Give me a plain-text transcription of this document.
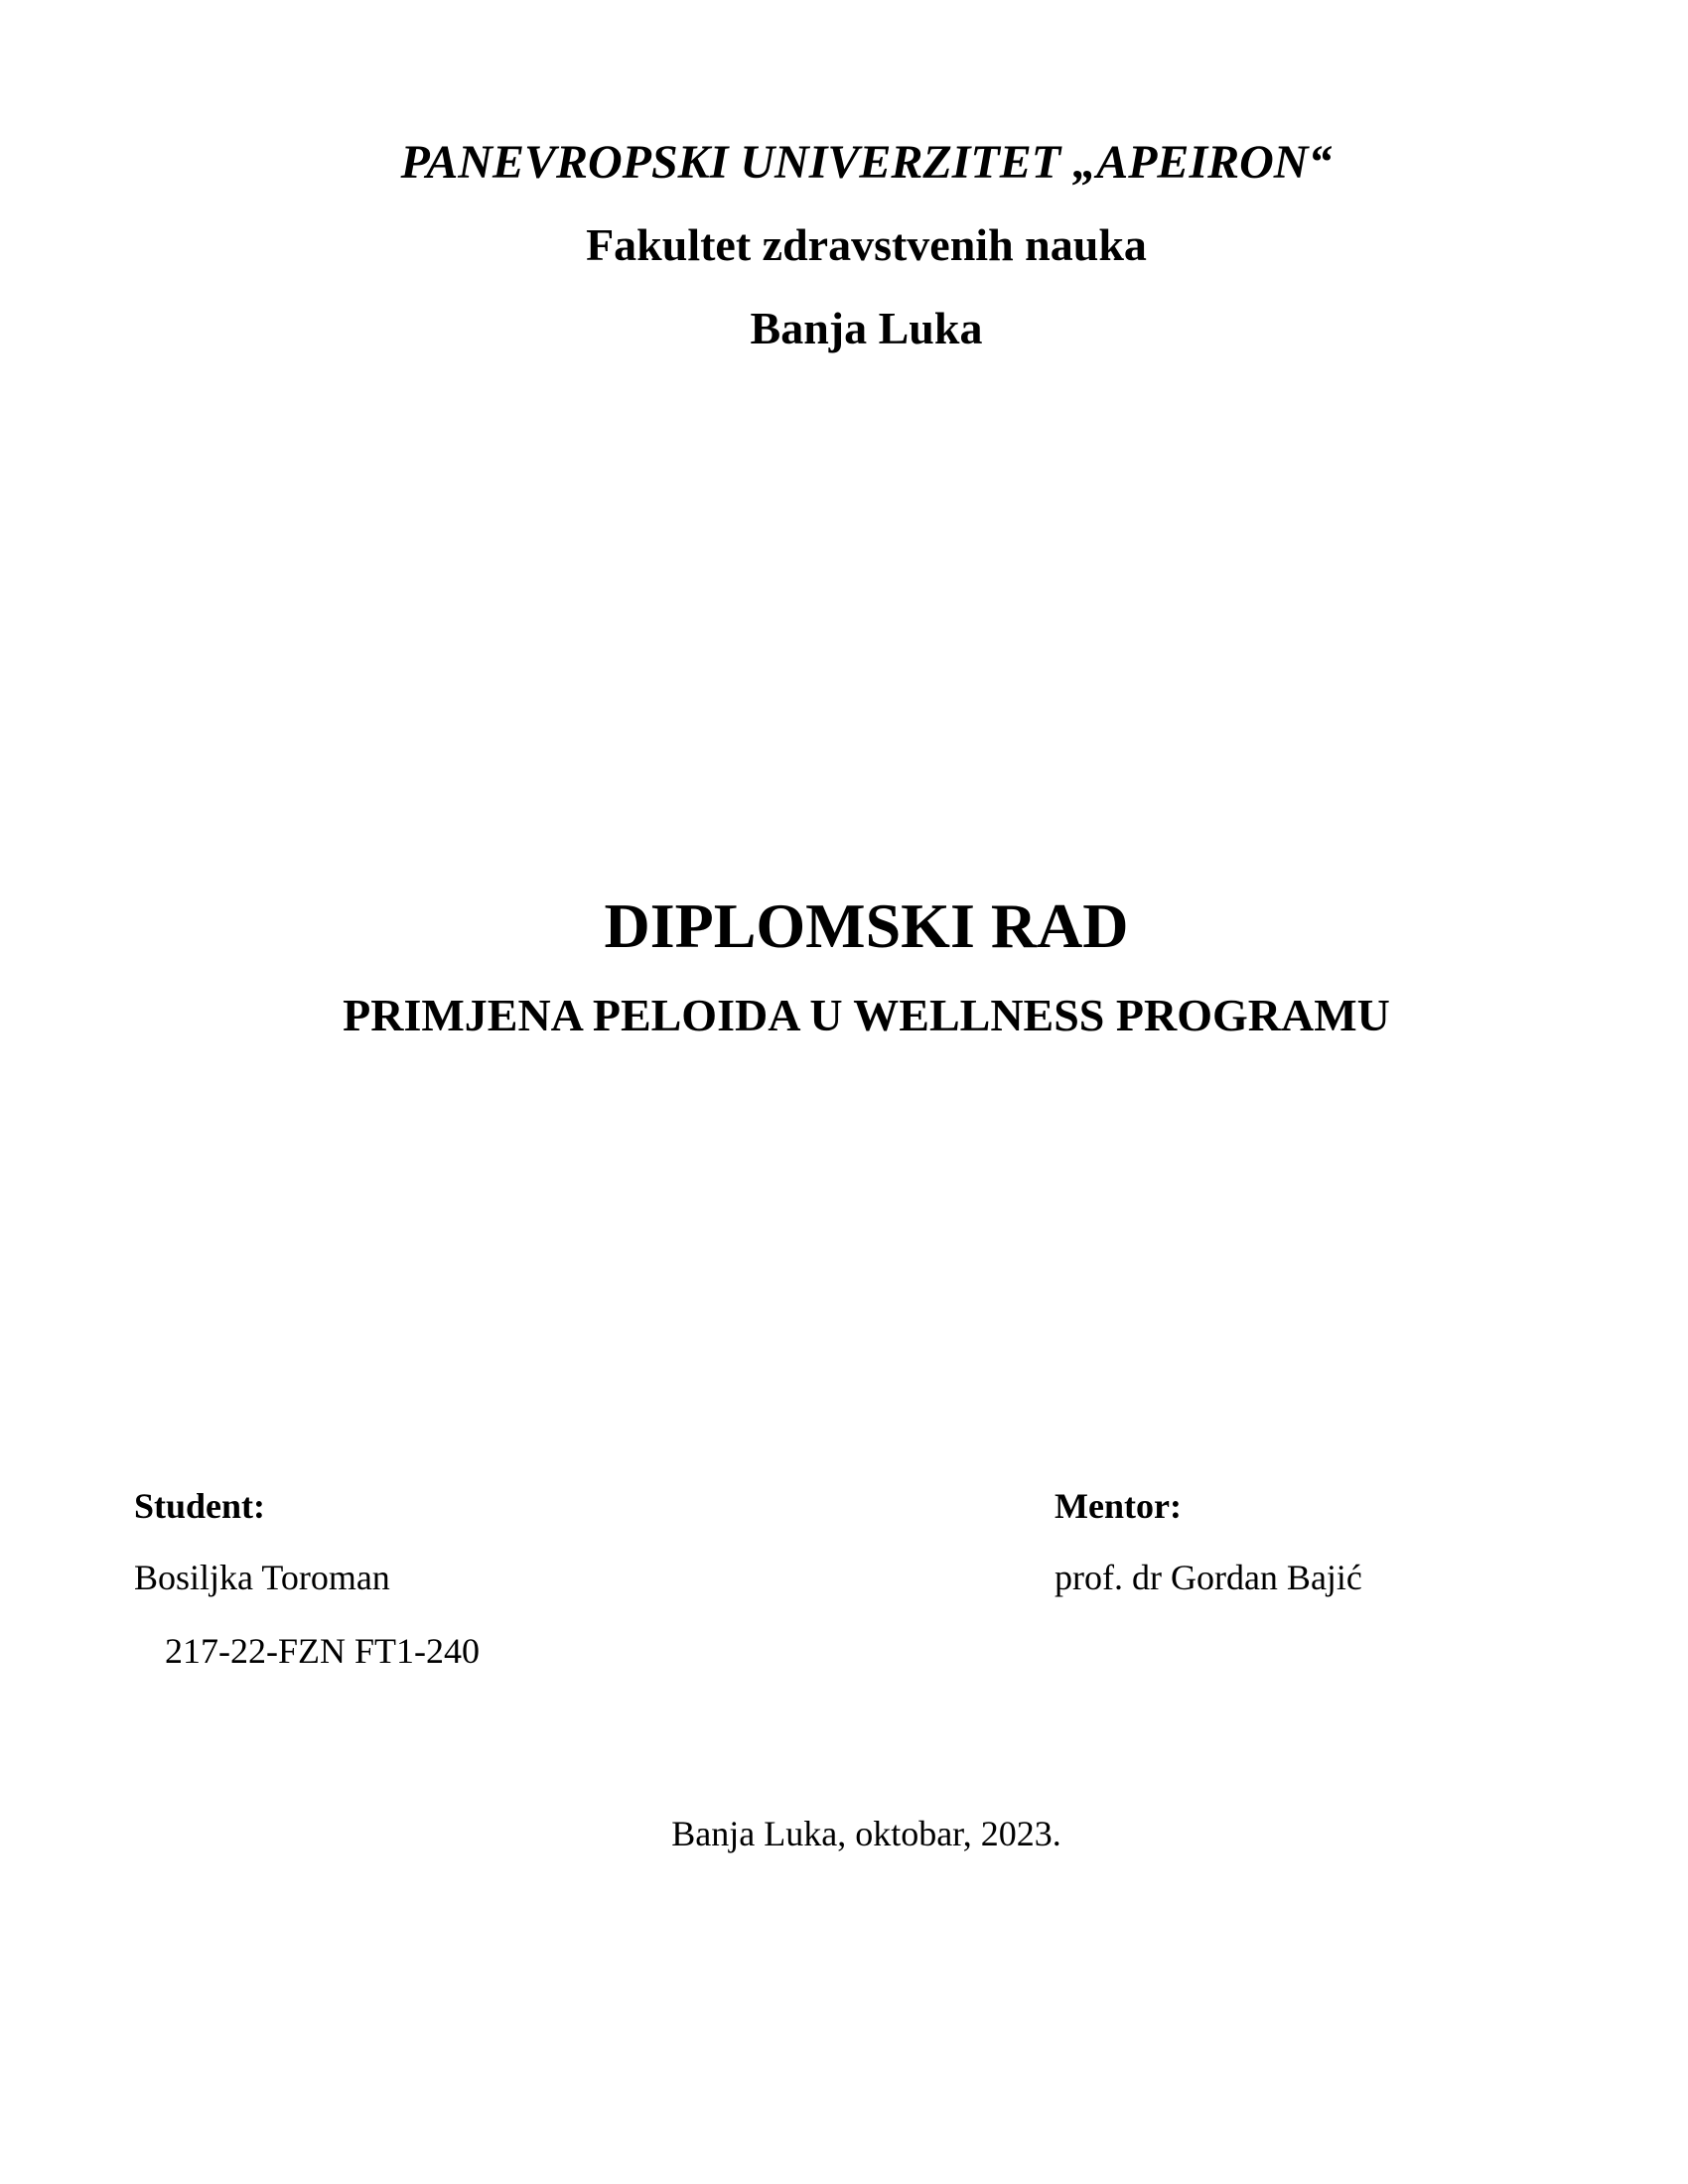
PANEVROPSKI UNIVERZITET „APEIRON“
Fakultet zdravstvenih nauka
Banja Luka
DIPLOMSKI RAD
PRIMJENA PELOIDA U WELLNESS PROGRAMU
Student:
Bosiljka Toroman
217-22-FZN FT1-240
Mentor:
prof. dr Gordan Bajić
Banja Luka, oktobar, 2023.
